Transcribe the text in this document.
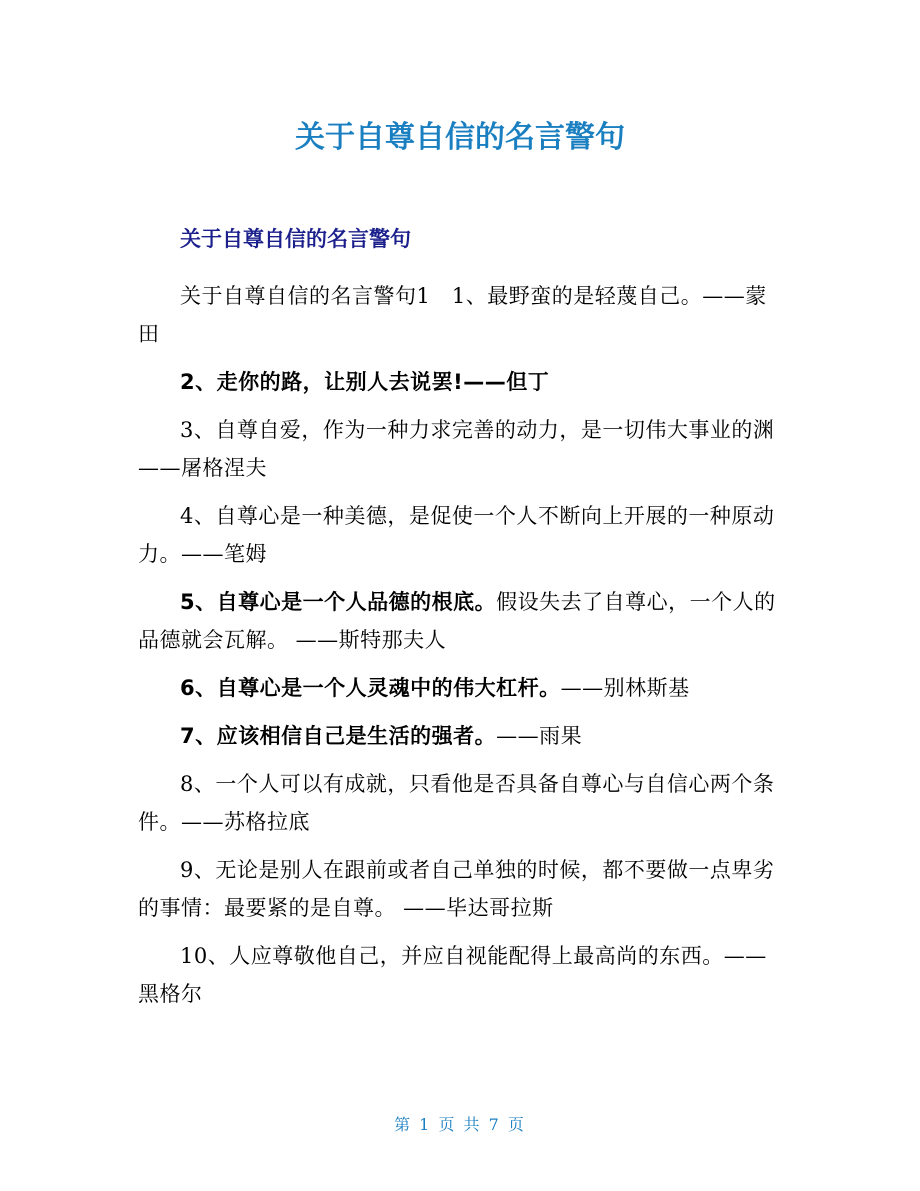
关于自尊自信的名言警句
关于自尊自信的名言警句

关于自尊自信的名言警句1　1、最野蛮的是轻蔑自己。——蒙田

2、走你的路，让别人去说罢!——但丁

3、自尊自爱，作为一种力求完善的动力，是一切伟大事业的渊 ——屠格涅夫

4、自尊心是一种美德，是促使一个人不断向上开展的一种原动力。——笔姆

5、自尊心是一个人品德的根底。假设失去了自尊心，一个人的品德就会瓦解。 ——斯特那夫人

6、自尊心是一个人灵魂中的伟大杠杆。——别林斯基

7、应该相信自己是生活的强者。——雨果

8、一个人可以有成就，只看他是否具备自尊心与自信心两个条件。——苏格拉底

9、无论是别人在跟前或者自己单独的时候，都不要做一点卑劣的事情：最要紧的是自尊。 ——毕达哥拉斯

10、人应尊敬他自己，并应自视能配得上最高尚的东西。——黑格尔

第 1 页 共 7 页
